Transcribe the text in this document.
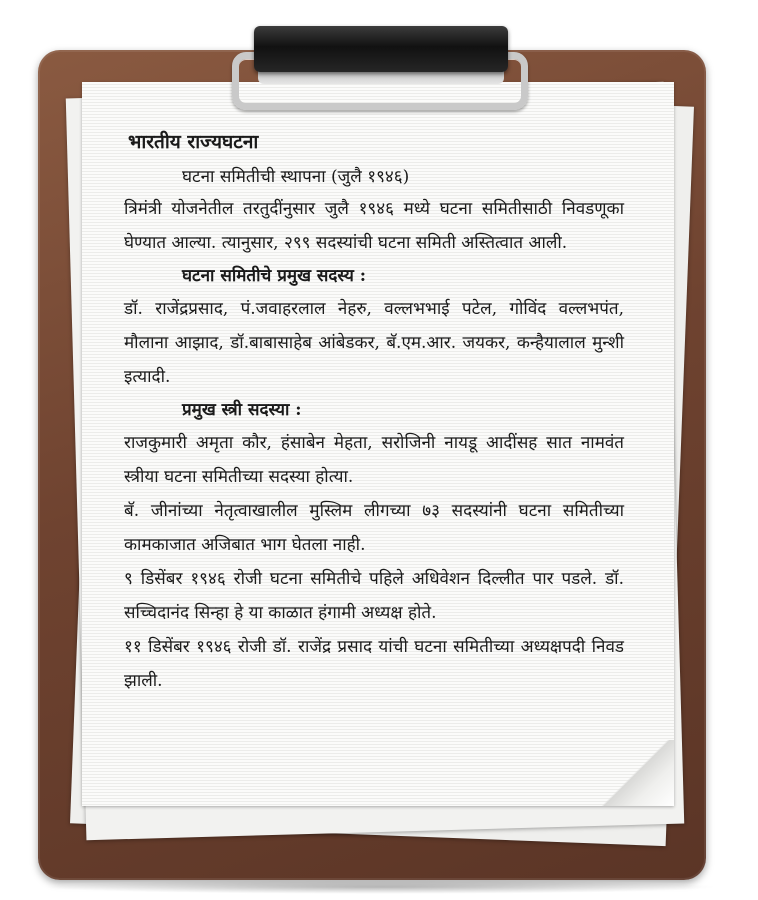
भारतीय राज्यघटना
घटना समितीची स्थापना (जुलै १९४६)

त्रिमंत्री योजनेतील तरतुदींनुसार जुलै १९४६ मध्ये घटना समितीसाठी निवडणूका घेण्यात आल्या. त्यानुसार, २९९ सदस्यांची घटना समिती अस्तित्वात आली.

घटना समितीचे प्रमुख सदस्य :

डॉ. राजेंद्रप्रसाद, पं.जवाहरलाल नेहरु, वल्लभभाई पटेल, गोविंद वल्लभपंत, मौलाना आझाद, डॉ.बाबासाहेब आंबेडकर, बॅ.एम.आर. जयकर, कन्हैयालाल मुन्शी इत्यादी.

प्रमुख स्त्री सदस्या :

राजकुमारी अमृता कौर, हंसाबेन मेहता, सरोजिनी नायडू आदींसह सात नामवंत स्त्रीया घटना समितीच्या सदस्या होत्या.

बॅ. जीनांच्या नेतृत्वाखालील मुस्लिम लीगच्या ७३ सदस्यांनी घटना समितीच्या कामकाजात अजिबात भाग घेतला नाही.

९ डिसेंबर १९४६ रोजी घटना समितीचे पहिले अधिवेशन दिल्लीत पार पडले. डॉ. सच्चिदानंद सिन्हा हे या काळात हंगामी अध्यक्ष होते.

११ डिसेंबर १९४६ रोजी डॉ. राजेंद्र प्रसाद यांची घटना समितीच्या अध्यक्षपदी निवड झाली.
